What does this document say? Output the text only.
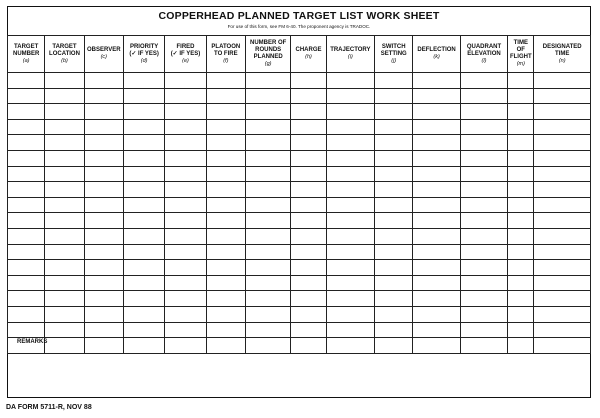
COPPERHEAD PLANNED TARGET LIST WORK SHEET
For use of this form, see FM 6-40. The proponent agency is TRADOC.
TARGET
NUMBER
(a)	TARGET
LOCATION
(b)	OBSERVER
(c)	PRIORITY
(✓ IF YES)
(d)	FIRED
(✓ IF YES)
(e)	PLATOON
TO FIRE
(f)	NUMBER OF
ROUNDS
PLANNED
(g)	CHARGE
(h)	TRAJECTORY
(i)	SWITCH
SETTING
(j)	DEFLECTION
(k)	QUADRANT
ELEVATION
(l)	TIME
OF
FLIGHT
(m)	DESIGNATED
TIME
(n)

REMARKS
DA FORM 5711-R, NOV 88
